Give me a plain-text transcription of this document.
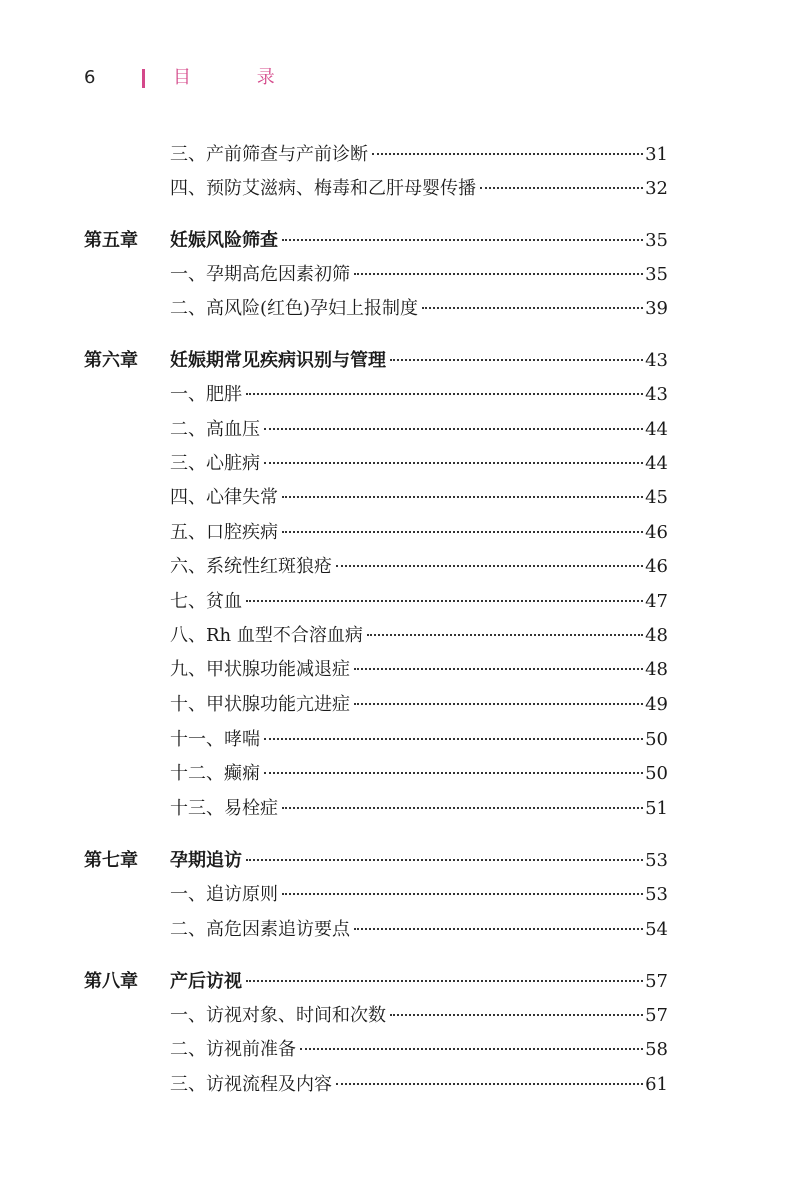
6	目 录
三、产前筛查与产前诊断	31
四、预防艾滋病、梅毒和乙肝母婴传播	32
第五章	妊娠风险筛查	35
一、孕期高危因素初筛	35
二、高风险(红色)孕妇上报制度	39
第六章	妊娠期常见疾病识别与管理	43
一、肥胖	43
二、高血压	44
三、心脏病	44
四、心律失常	45
五、口腔疾病	46
六、系统性红斑狼疮	46
七、贫血	47
八、Rh 血型不合溶血病	48
九、甲状腺功能减退症	48
十、甲状腺功能亢进症	49
十一、哮喘	50
十二、癫痫	50
十三、易栓症	51
第七章	孕期追访	53
一、追访原则	53
二、高危因素追访要点	54
第八章	产后访视	57
一、访视对象、时间和次数	57
二、访视前准备	58
三、访视流程及内容	61
